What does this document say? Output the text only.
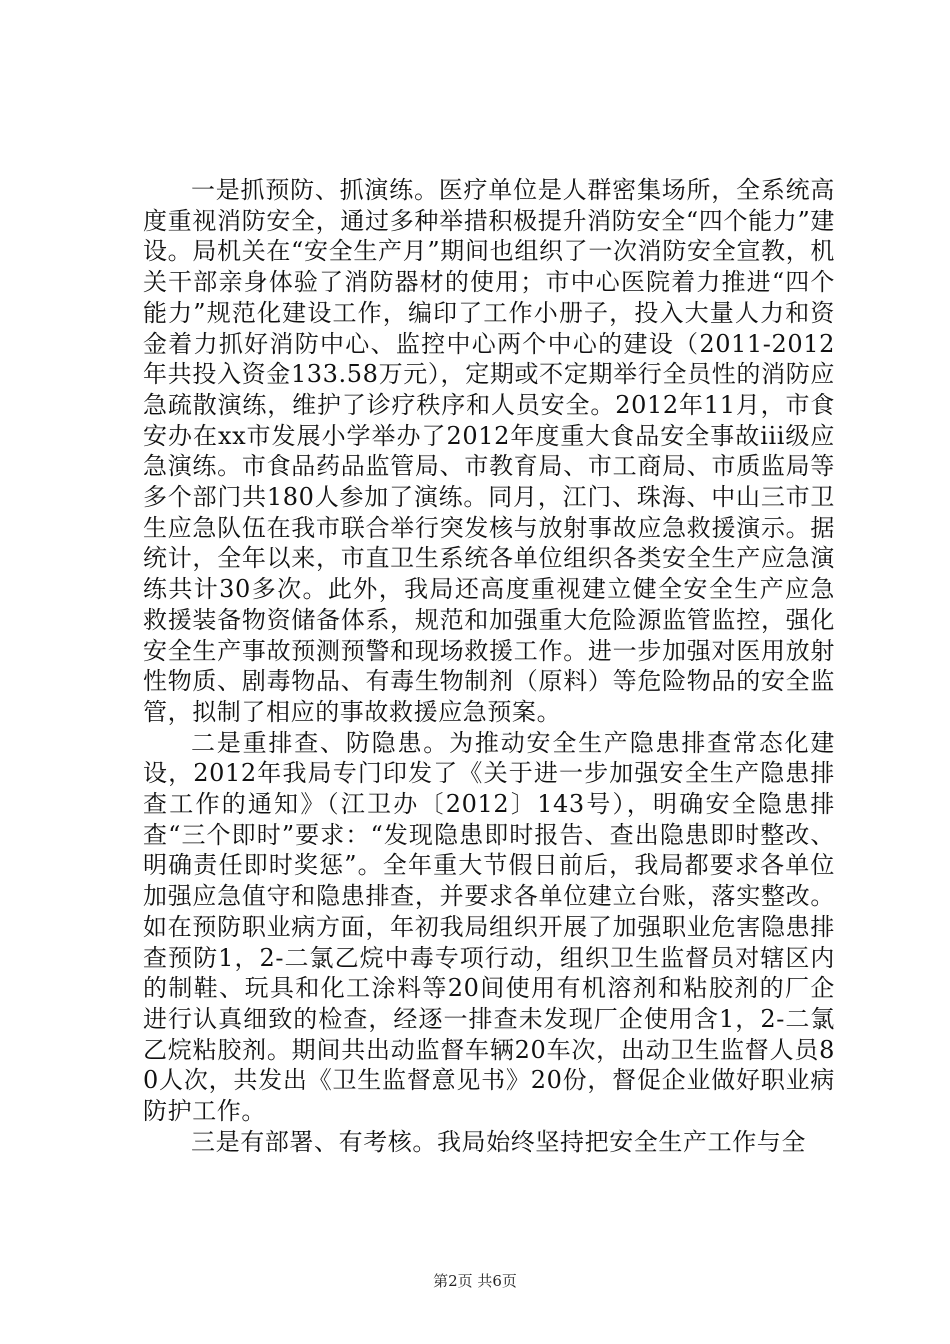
一是抓预防、抓演练。医疗单位是人群密集场所，全系统高度重视消防安全，通过多种举措积极提升消防安全“四个能力”建设。局机关在“安全生产月”期间也组织了一次消防安全宣教，机关干部亲身体验了消防器材的使用；市中心医院着力推进“四个能力”规范化建设工作，编印了工作小册子，投入大量人力和资金着力抓好消防中心、监控中心两个中心的建设（2011-2012年共投入资金133.58万元），定期或不定期举行全员性的消防应急疏散演练，维护了诊疗秩序和人员安全。2012年11月，市食安办在xx市发展小学举办了2012年度重大食品安全事故iii级应急演练。市食品药品监管局、市教育局、市工商局、市质监局等多个部门共180人参加了演练。同月，江门、珠海、中山三市卫生应急队伍在我市联合举行突发核与放射事故应急救援演示。据统计，全年以来，市直卫生系统各单位组织各类安全生产应急演练共计30多次。此外，我局还高度重视建立健全安全生产应急救援装备物资储备体系，规范和加强重大危险源监管监控，强化安全生产事故预测预警和现场救援工作。进一步加强对医用放射性物质、剧毒物品、有毒生物制剂（原料）等危险物品的安全监管，拟制了相应的事故救援应急预案。

二是重排查、防隐患。为推动安全生产隐患排查常态化建设，2012年我局专门印发了《关于进一步加强安全生产隐患排查工作的通知》（江卫办〔2012〕143号），明确安全隐患排查“三个即时”要求：“发现隐患即时报告、查出隐患即时整改、明确责任即时奖惩”。全年重大节假日前后，我局都要求各单位加强应急值守和隐患排查，并要求各单位建立台账，落实整改。如在预防职业病方面，年初我局组织开展了加强职业危害隐患排查预防1，2-二氯乙烷中毒专项行动，组织卫生监督员对辖区内的制鞋、玩具和化工涂料等20间使用有机溶剂和粘胶剂的厂企进行认真细致的检查，经逐一排查未发现厂企使用含1，2-二氯乙烷粘胶剂。期间共出动监督车辆20车次，出动卫生监督人员80人次，共发出《卫生监督意见书》20份，督促企业做好职业病防护工作。

三是有部署、有考核。我局始终坚持把安全生产工作与全

第2页 共6页
